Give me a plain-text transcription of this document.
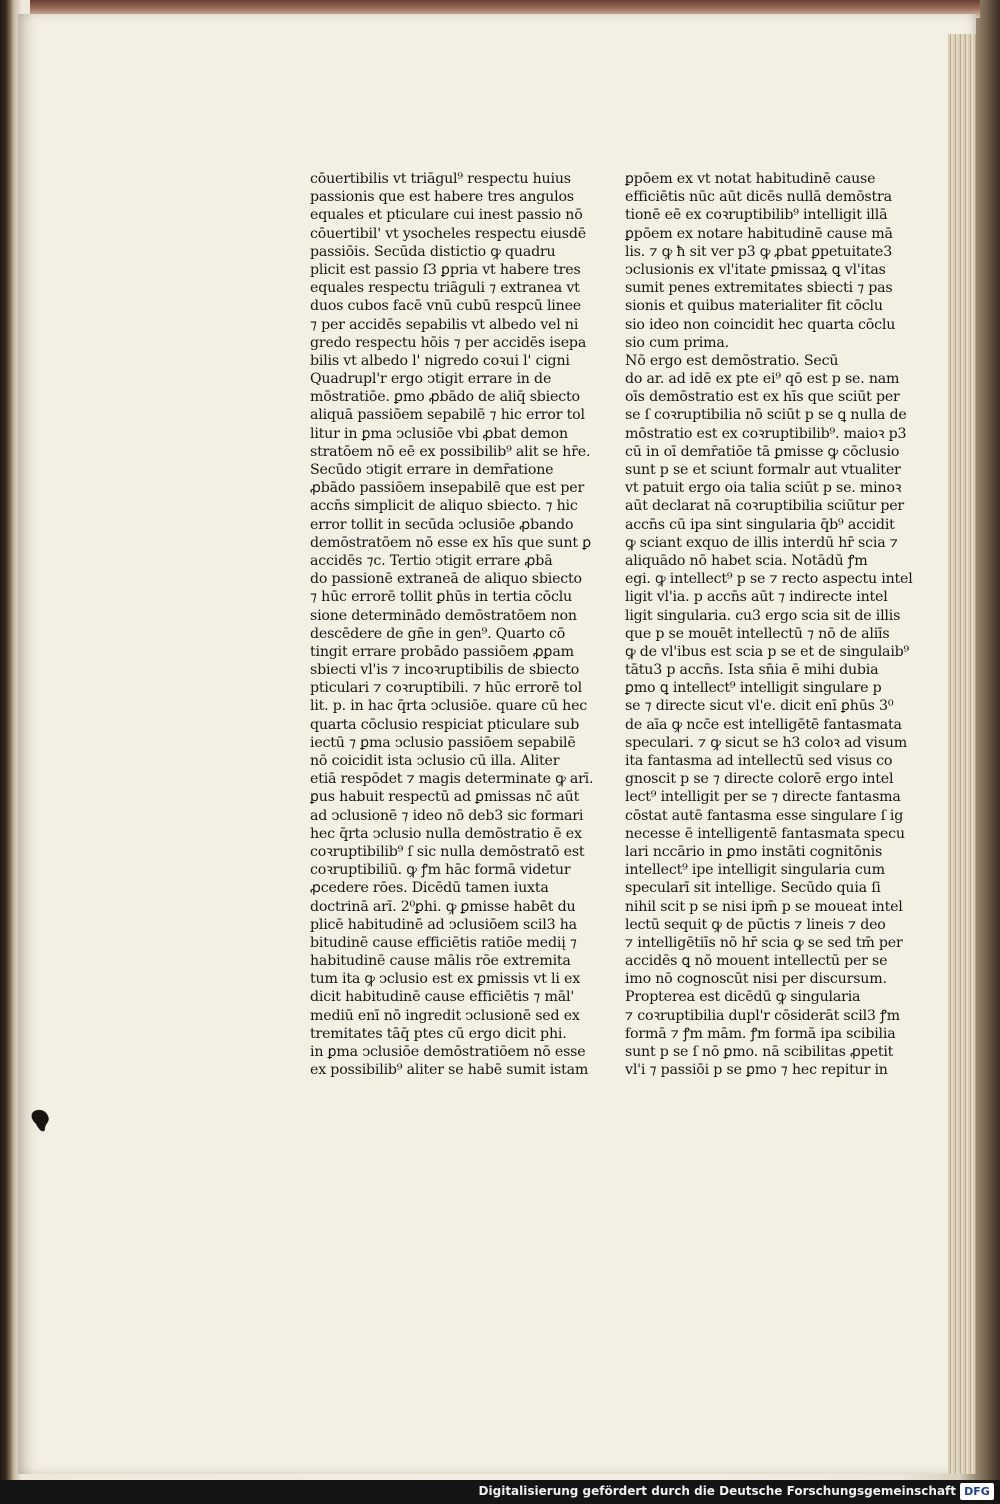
cōuertibilis vt triāgul⁹ respectu huius
passionis que est habere tres angulos
equales et pticulare cui inest passio nō
cōuertibil' vt ysocheles respectu eiusdē
passiōis. Secūda distictio ꝙ quadru
plicit est passio ſ3 ꝑpria vt habere tres
equales respectu triāguli ⁊ extranea vt
duos cubos facē vnū cubū respcū linee
⁊ per accidēs sepabilis vt albedo vel ni
gredo respectu hōis ⁊ per accidēs isepa
bilis vt albedo l' nigredo coꝛui l' cigni
Quadrupl'r ergo ↄtigit errare in de
mōstratiōe. ꝑmo ꝓbādo de aliq̄ sbiecto
aliquā passiōem sepabilē ⁊ hic error tol
litur in ꝑma ↄclusiōe vbi ꝓbat demon
stratōem nō eē ex possibilib⁹ alit se hr̄e.
Secūdo ↄtigit errare in demr̄atione
ꝓbādo passiōem insepabilē que est per
accn̄s simplicit de aliquo sbiecto. ⁊ hic
error tollit in secūda ↄclusiōe ꝓbando
demōstratōem nō esse ex hīs que sunt ꝑ
accidēs ⁊c. Tertio ↄtigit errare ꝓbā
do passionē extraneā de aliquo sbiecto
⁊ hūc errorē tollit ꝑhūs in tertia cōclu
sione determinādo demōstratōem non
descēdere de gn̄e in gen⁹. Quarto cō
tingit errare probādo passiōem ꝓꝑam
sbiecti vl'is ⁊ incoꝛruptibilis de sbiecto
pticulari ⁊ coꝛruptibili. ⁊ hūc errorē tol
lit. p. in hac q̄rta ↄclusiōe. quare cū hec
quarta cōclusio respiciat pticulare sub
iectū ⁊ ꝑma ↄclusio passiōem sepabilē
nō coicidit ista ↄclusio cū illa. Aliter
etiā respōdet ⁊ magis determinate ꝙ arī.
ꝑus habuit respectū ad ꝑmissas nc̄ aūt
ad ↄclusionē ⁊ ideo nō deb3 sic formari
hec q̄rta ↄclusio nulla demōstratio ē ex
coꝛruptibilib⁹ ſ sic nulla demōstratō est
coꝛruptibiliū. ꝙ ꝭm hāc formā videtur
ꝓcedere rōes. Dicēdū tamen iuxta
doctrinā arī. 2⁰ꝑhi. ꝙ ꝑmisse habēt du
plicē habitudinē ad ↄclusiōem scil3 ha
bitudinē cause efficiētis ratiōe mediį ⁊
habitudinē cause mālis rōe extremita
tum ita ꝙ ↄclusio est ex ꝑmissis vt li ex
dicit habitudinē cause efficiētis ⁊ māl'
mediū enī nō ingredit ↄclusionē sed ex
tremitates tāq̄ ptes cū ergo dicit phi.
in ꝑma ↄclusiōe demōstratiōem nō esse
ex possibilib⁹ aliter se habē sumit istam
ꝑpōem ex vt notat habitudinē cause
efficiētis nūc aūt dicēs nullā demōstra
tionē eē ex coꝛruptibilib⁹ intelligit illā
ꝑpōem ex notare habitudinē cause mā
lis. ⁊ ꝙ ħ sit ver p3 ꝙ ꝓbat ꝑpetuitate3
ↄclusionis ex vl'itate ꝑmissaꝝ ꝗ vl'itas
sumit penes extremitates sbiecti ⁊ pas
sionis et quibus materialiter fit cōclu
sio ideo non coincidit hec quarta cōclu
sio cum prima.
Nō ergo est demōstratio. Secū
do ar. ad idē ex pte ei⁹ qō est p se. nam
oīs demōstratio est ex hīs que sciūt per
se ſ coꝛruptibilia nō sciūt p se ꝗ nulla de
mōstratio est ex coꝛruptibilib⁹. maioꝛ p3
cū in oī demr̄atiōe tā ꝑmisse ꝙ cōclusio
sunt p se et sciunt formalr aut vtualiter
vt patuit ergo oia talia sciūt p se. minoꝛ
aūt declarat nā coꝛruptibilia sciūtur per
accn̄s cū ipa sint singularia q̄b⁹ accidit
ꝙ sciant exquo de illis interdū hr̄ scia ⁊
aliquādo nō habet scia. Notādū ꝭm
egi. ꝙ intellect⁹ p se ⁊ recto aspectu intel
ligit vl'ia. p accn̄s aūt ⁊ indirecte intel
ligit singularia. cu3 ergo scia sit de illis
que p se mouēt intellectū ⁊ nō de aliīs
ꝙ de vl'ibus est scia p se et de singulaib⁹
tātu3 p accn̄s. Ista sn̄ia ē mihi dubia
ꝑmo ꝗ intellect⁹ intelligit singulare p
se ⁊ directe sicut vl'e. dicit enī ꝑhūs 3⁰
de aīa ꝙ ncc̄e est intelligētē fantasmata
speculari. ⁊ ꝙ sicut se h3 coloꝛ ad visum
ita fantasma ad intellectū sed visus co
gnoscit p se ⁊ directe colorē ergo intel
lect⁹ intelligit per se ⁊ directe fantasma
cōstat autē fantasma esse singulare ſ ig
necesse ē intelligentē fantasmata specu
lari nccārio in ꝑmo instāti cognitōnis
intellect⁹ ipe intelligit singularia cum
specularī sit intellige. Secūdo quia ſi
nihil scit p se nisi ipm̄ p se moueat intel
lectū sequit ꝙ de pūctis ⁊ lineis ⁊ deo
⁊ intelligētiīs nō hr̄ scia ꝙ se sed tm̄ per
accidēs ꝗ nō mouent intellectū per se
imo nō cognoscūt nisi per discursum.
Propterea est dicēdū ꝙ singularia
⁊ coꝛruptibilia dupl'r cōsiderāt scil3 ꝭm
formā ⁊ ꝭm mām. ꝭm formā ipa scibilia
sunt p se ſ nō ꝑmo. nā scibilitas ꝓpetit
vl'i ⁊ passiōi p se ꝑmo ⁊ hec repitur in
Digitalisierung gefördert durch die Deutsche Forschungsgemeinschaft DFG
